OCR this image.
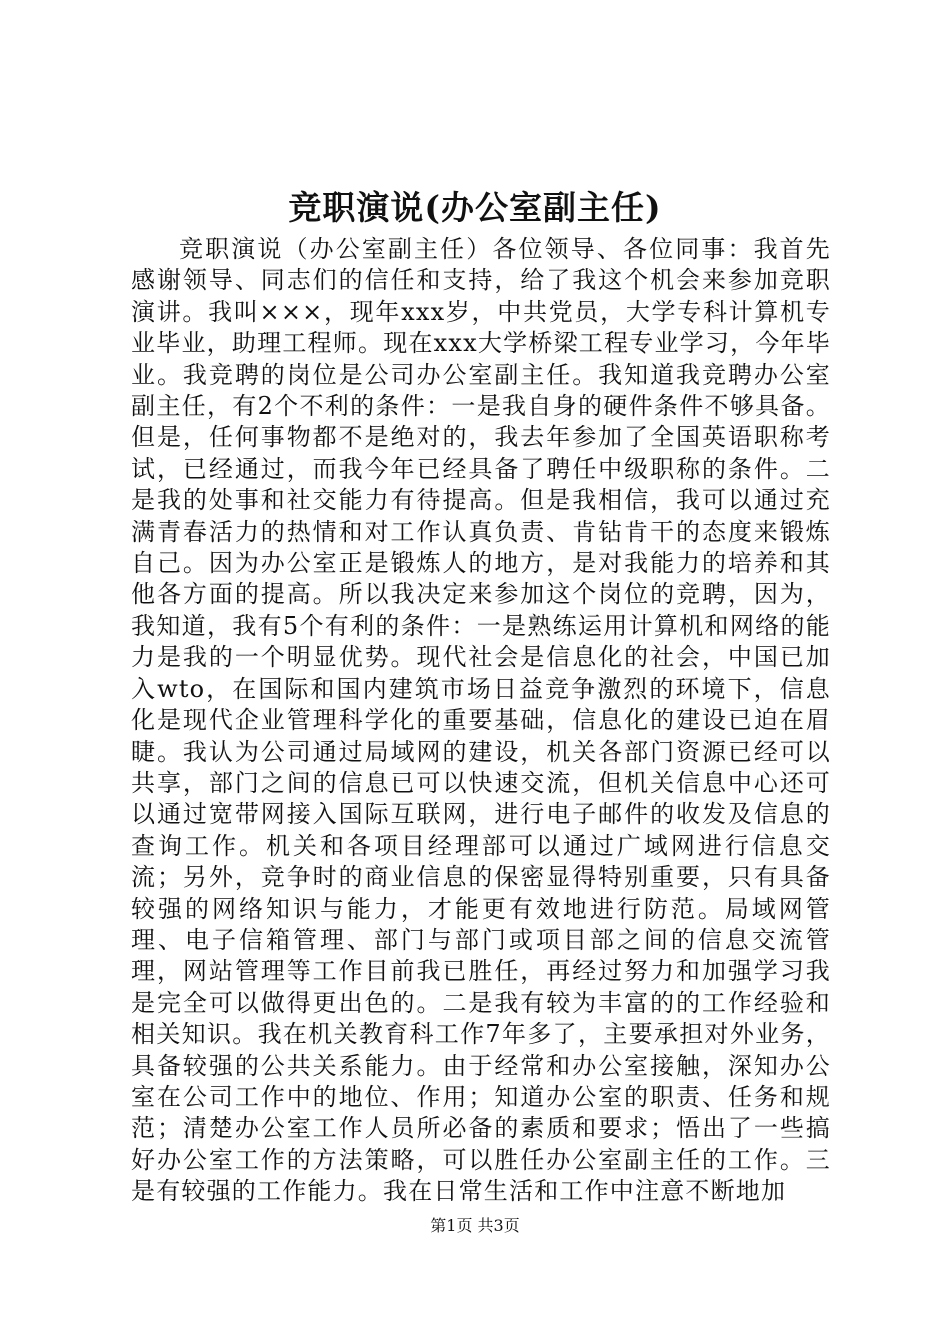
竞职演说(办公室副主任)

竞职演说（办公室副主任）各位领导、各位同事：我首先感谢领导、同志们的信任和支持，给了我这个机会来参加竞职演讲。我叫×××，现年xxx岁，中共党员，大学专科计算机专业毕业，助理工程师。现在xxx大学桥梁工程专业学习，今年毕业。我竞聘的岗位是公司办公室副主任。我知道我竞聘办公室副主任，有2个不利的条件：一是我自身的硬件条件不够具备。但是，任何事物都不是绝对的，我去年参加了全国英语职称考试，已经通过，而我今年已经具备了聘任中级职称的条件。二是我的处事和社交能力有待提高。但是我相信，我可以通过充满青春活力的热情和对工作认真负责、肯钻肯干的态度来锻炼自己。因为办公室正是锻炼人的地方，是对我能力的培养和其他各方面的提高。所以我决定来参加这个岗位的竞聘，因为，我知道，我有5个有利的条件：一是熟练运用计算机和网络的能力是我的一个明显优势。现代社会是信息化的社会，中国已加入wto，在国际和国内建筑市场日益竞争激烈的环境下，信息化是现代企业管理科学化的重要基础，信息化的建设已迫在眉睫。我认为公司通过局域网的建设，机关各部门资源已经可以共享，部门之间的信息已可以快速交流，但机关信息中心还可以通过宽带网接入国际互联网，进行电子邮件的收发及信息的查询工作。机关和各项目经理部可以通过广域网进行信息交流；另外，竞争时的商业信息的保密显得特别重要，只有具备较强的网络知识与能力，才能更有效地进行防范。局域网管理、电子信箱管理、部门与部门或项目部之间的信息交流管理，网站管理等工作目前我已胜任，再经过努力和加强学习我是完全可以做得更出色的。二是我有较为丰富的的工作经验和相关知识。我在机关教育科工作7年多了，主要承担对外业务，具备较强的公共关系能力。由于经常和办公室接触，深知办公室在公司工作中的地位、作用；知道办公室的职责、任务和规范；清楚办公室工作人员所必备的素质和要求；悟出了一些搞好办公室工作的方法策略，可以胜任办公室副主任的工作。三是有较强的工作能力。我在日常生活和工作中注意不断地加

第1页 共3页
